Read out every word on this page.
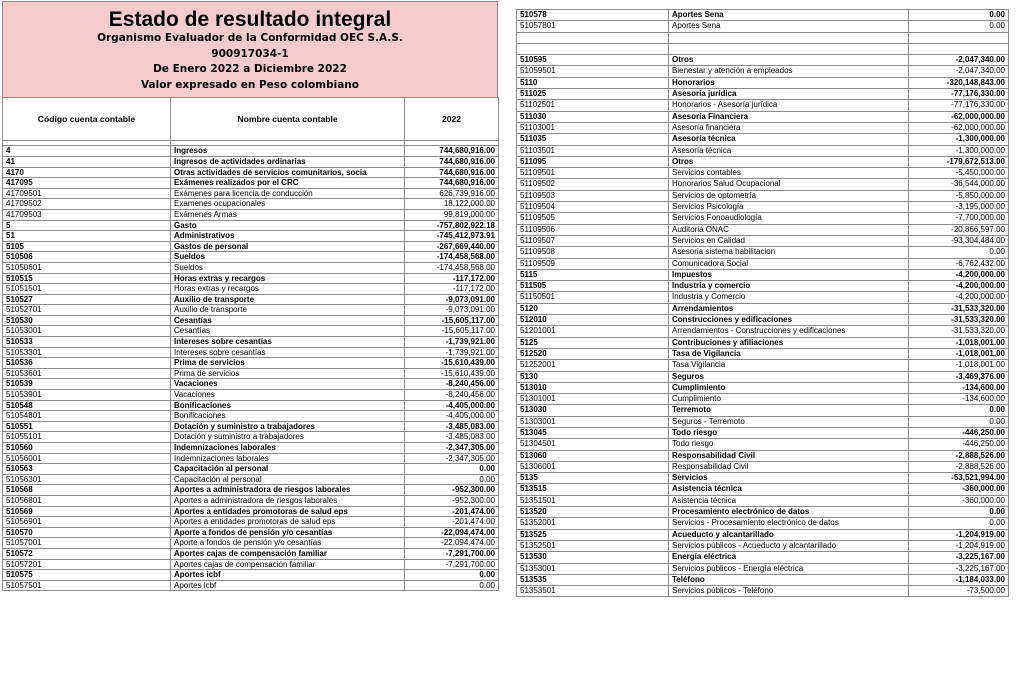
Estado de resultado integral
Organismo Evaluador de la Conformidad OEC S.A.S.
900917034-1
De Enero 2022 a Diciembre 2022
Valor expresado en Peso colombiano
Código cuenta contable	Nombre cuenta contable	2022

4	Ingresos	744,680,916.00
41	Ingresos de actividades ordinarias	744,680,916.00
4170	Otras actividades de servicios comunitarios, socia	744,680,916.00
417095	Exámenes realizados por el CRC	744,680,916.00
41709501	Exámenes para licencia de conducción	626,739,916.00
41709502	Examenes ocupacionales	18,122,000.00
41709503	Exámenes Armas	99,819,000.00
5	Gasto	-757,802,922.18
51	Administrativos	-745,412,973.91
5105	Gastos de personal	-267,669,440.00
510506	Sueldos	-174,458,568.00
51050601	Sueldos	-174,458,568.00
510515	Horas extras y recargos	-117,172.00
51051501	Horas extras y recargos	-117,172.00
510527	Auxilio de transporte	-9,073,091.00
51052701	Auxilio de transporte	-9,073,091.00
510530	Cesantías	-15,605,117.00
51053001	Cesantías	-15,605,117.00
510533	Intereses sobre cesantías	-1,739,921.00
51053301	Intereses sobre cesantías	-1,739,921.00
510536	Prima de servicios	-15,610,439.00
51053601	Prima de servicios	-15,610,439.00
510539	Vacaciones	-8,240,456.00
51053901	Vacaciones	-8,240,456.00
510548	Bonificaciones	-4,405,000.00
51054801	Bonificaciones	-4,405,000.00
510551	Dotación y suministro a trabajadores	-3,485,083.00
51055101	Dotación y suministro a trabajadores	-3,485,083.00
510560	Indemnizaciones laborales	-2,347,305.00
51056001	Indemnizaciones laborales	-2,347,305.00
510563	Capacitación al personal	0.00
51056301	Capacitación al personal	0.00
510568	Aportes a administradora de riesgos laborales	-952,300.00
51056801	Aportes a administradora de riesgos laborales	-952,300.00
510569	Aportes a entidades promotoras de salud eps	-201,474.00
51056901	Aportes a entidades promotoras de salud eps	-201,474.00
510570	Aporte a fondos de pensión y/o cesantías	-22,094,474.00
51057001	Aporte a fondos de pensión y/o cesantías	-22,094,474.00
510572	Aportes cajas de compensación familiar	-7,291,700.00
51057201	Aportes cajas de compensación familiar	-7,291,700.00
510575	Aportes icbf	0.00
51057501	Aportes icbf	0.00
510578	Aportes Sena	0.00
51057801	Aportes Sena	0.00

510595	Otros	-2,047,340.00
51059501	Bienestar y atención a empleados	-2,047,340.00
5110	Honorarios	-320,148,843.00
511025	Asesoría jurídica	-77,176,330.00
51102501	Honorarios - Asesoría jurídica	-77,176,330.00
511030	Asesoría Financiera	-62,000,000.00
51103001	Asesoría financiera	-62,000,000.00
511035	Asesoría técnica	-1,300,000.00
51103501	Asesoría técnica	-1,300,000.00
511095	Otros	-179,672,513.00
51109501	Servicios contables	-5,450,000.00
51109502	Honorarios Salud Ocupacional	-36,544,000.00
51109503	Servicios de optometría	-5,850,000.00
51109504	Servicios Psicología	-3,195,000.00
51109505	Servicios Fonoaudiología	-7,700,000.00
51109506	Auditoria ONAC	-20,866,597.00
51109507	Servicios en Calidad	-93,304,484.00
51109508	Asesoria sistema habilitacion	0.00
51109509	Comunicadora Social	-6,762,432.00
5115	Impuestos	-4,200,000.00
511505	Industria y comercio	-4,200,000.00
51150501	Industria y Comercio	-4,200,000.00
5120	Arrendamientos	-31,533,320.00
512010	Construcciones y edificaciones	-31,533,320.00
51201001	Arrendamientos - Construcciones y edificaciones	-31,533,320.00
5125	Contribuciones y afiliaciones	-1,018,001.00
512520	Tasa de Vigilancia	-1,018,001.00
51252001	Tasa Vigilancia	-1,018,001.00
5130	Seguros	-3,469,376.00
513010	Cumplimiento	-134,600.00
51301001	Cumplimiento	-134,600.00
513030	Terremoto	0.00
51303001	Seguros - Terremoto	0.00
513045	Todo riesgo	-446,250.00
51304501	Todo riesgo	-446,250.00
513060	Responsabilidad Civil	-2,888,526.00
51306001	Responsabilidad Civil	-2,888,526.00
5135	Servicios	-53,521,994.00
513515	Asistencia técnica	-360,000.00
51351501	Asistencia técnica	-360,000.00
513520	Procesamiento electrónico de datos	0.00
51352001	Servicios - Procesamiento electrónico de datos	0.00
513525	Acueducto y alcantarillado	-1,204,919.00
51352501	Servicios públicos - Acueducto y alcantarillado	-1,204,919.00
513530	Energía eléctrica	-3,225,167.00
51353001	Servicios públicos - Energía eléctrica	-3,225,167.00
513535	Teléfono	-1,184,033.00
51353501	Servicios públicos - Teléfono	-73,500.00
